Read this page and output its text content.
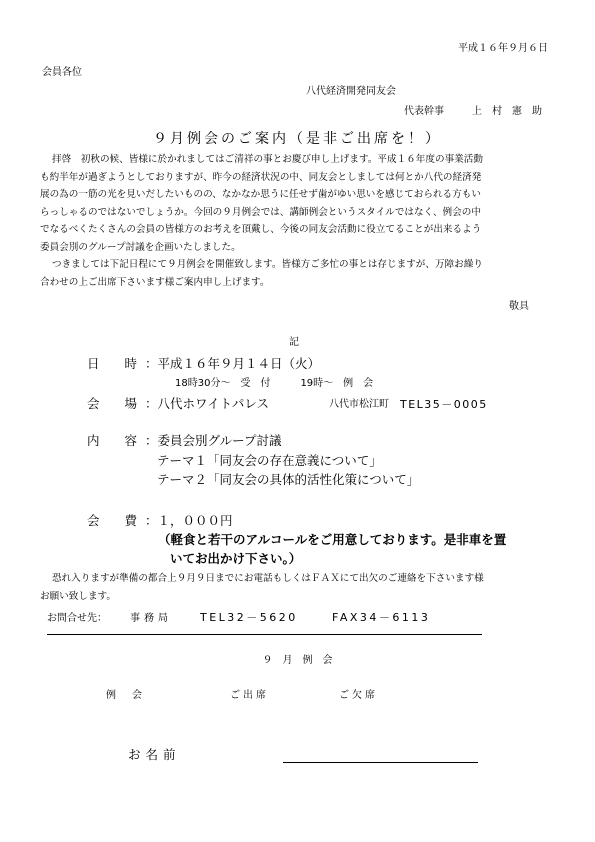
平成１６年９月６日
会員各位
八代経済開発同友会
代表幹事	上　村　憲　助
９月例会のご案内（是非ご出席を！）
拝啓　初秋の候、皆様に於かれましてはご清祥の事とお慶び申し上げます。平成１６年度の事業活動
も約半年が過ぎようとしておりますが、昨今の経済状況の中、同友会としましては何とか八代の経済発
展の為の一筋の光を見いだしたいものの、なかなか思うに任せず歯がゆい思いを感じておられる方もい
らっしゃるのではないでしょうか。今回の９月例会では、講師例会というスタイルではなく、例会の中
でなるべくたくさんの会員の皆様方のお考えを頂戴し、今後の同友会活動に役立てることが出来るよう
委員会別のグループ討議を企画いたしました。
つきましては下記日程にて９月例会を開催致します。皆様方ご多忙の事とは存じますが、万障お繰り
合わせの上ご出席下さいます様ご案内申し上げます。
敬具
記
日　　時 ：平成１６年９月１４日（火）
18時30分～　受　付　　　19時～　例　会
会　　場 ：八代ホワイトパレス	八代市松江町 TEL35－0005
内　　容 ：委員会別グループ討議
テーマ１「同友会の存在意義について」
テーマ２「同友会の具体的活性化策について」
会　　費 ：１，０００円
（軽食と若干のアルコールをご用意しております。是非車を置
いてお出かけ下さい。）
恐れ入りますが準備の都合上９月９日までにお電話もしくはＦＡＸにて出欠のご連絡を下さいます様
お願い致します。
お問合せ先： 事務局	TEL32－5620	FAX34－6113
９　月　例　会
例　会	ご出席	ご欠席
お名前
